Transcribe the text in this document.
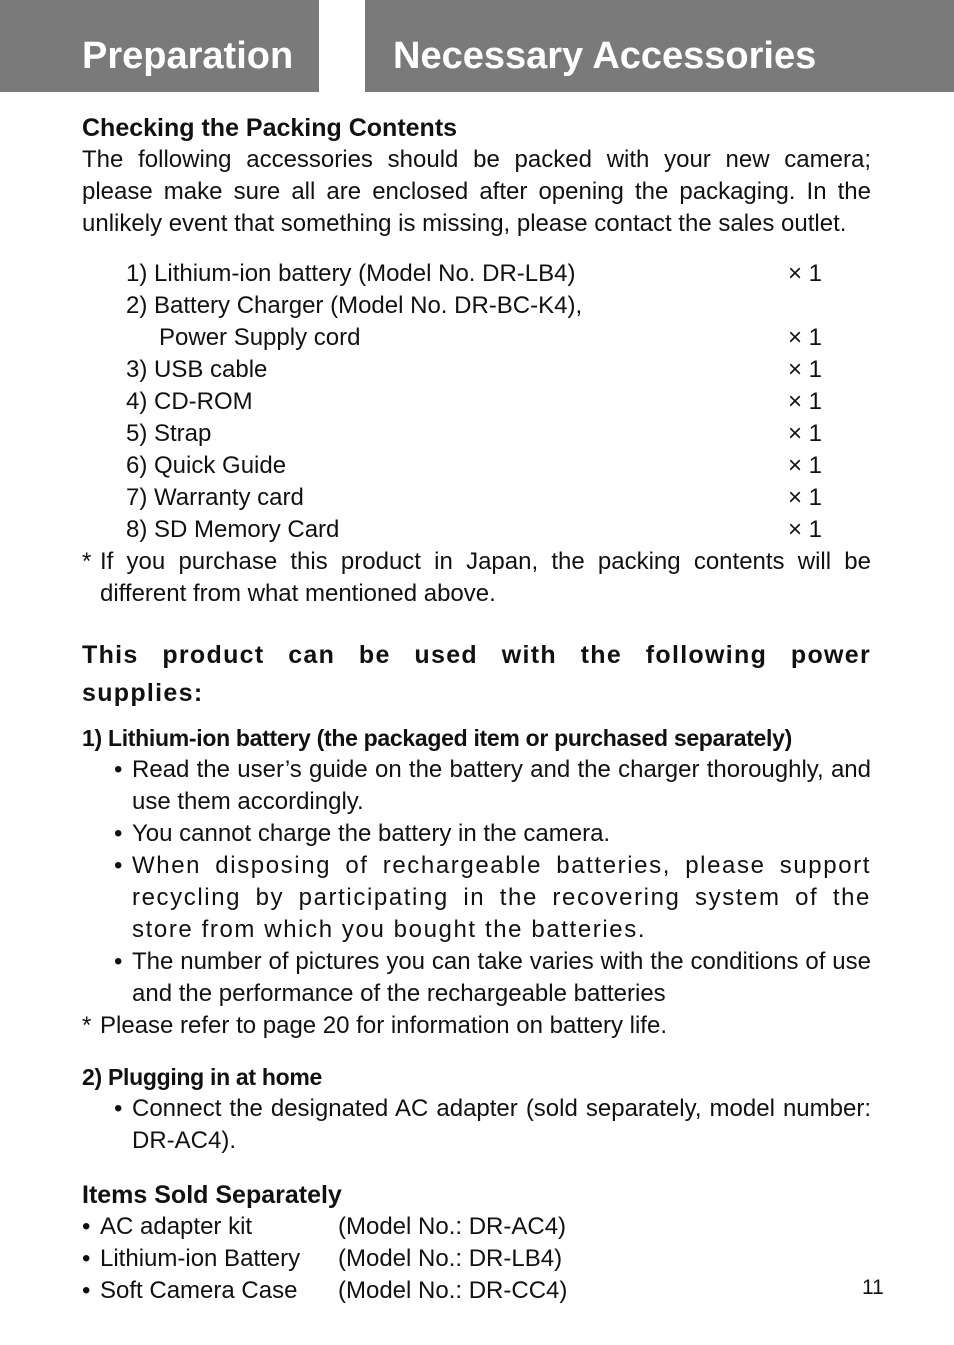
Preparation	Necessary Accessories
Checking the Packing Contents

The following accessories should be packed with your new camera; please make sure all are enclosed after opening the packaging. In the unlikely event that something is missing, please contact the sales outlet.

1) Lithium-ion battery (Model No. DR-LB4)	× 1
2) Battery Charger (Model No. DR-BC-K4),
Power Supply cord	× 1
3) USB cable	× 1
4) CD-ROM	× 1
5) Strap	× 1
6) Quick Guide	× 1
7) Warranty card	× 1
8) SD Memory Card	× 1

* If you purchase this product in Japan, the packing contents will be different from what mentioned above.

This product can be used with the following power supplies:
1) Lithium-ion battery (the packaged item or purchased separately)
• Read the user’s guide on the battery and the charger thoroughly, and use them accordingly.
• You cannot charge the battery in the camera.
• When disposing of rechargeable batteries, please support recycling by participating in the recovering system of the store from which you bought the batteries.
• The number of pictures you can take varies with the conditions of use and the performance of the rechargeable batteries

* Please refer to page 20 for information on battery life.

2) Plugging in at home
• Connect the designated AC adapter (sold separately, model number: DR-AC4).
Items Sold Separately
• AC adapter kit	(Model No.: DR-AC4)
• Lithium-ion Battery (Model No.: DR-LB4)
• Soft Camera Case (Model No.: DR-CC4)	11
